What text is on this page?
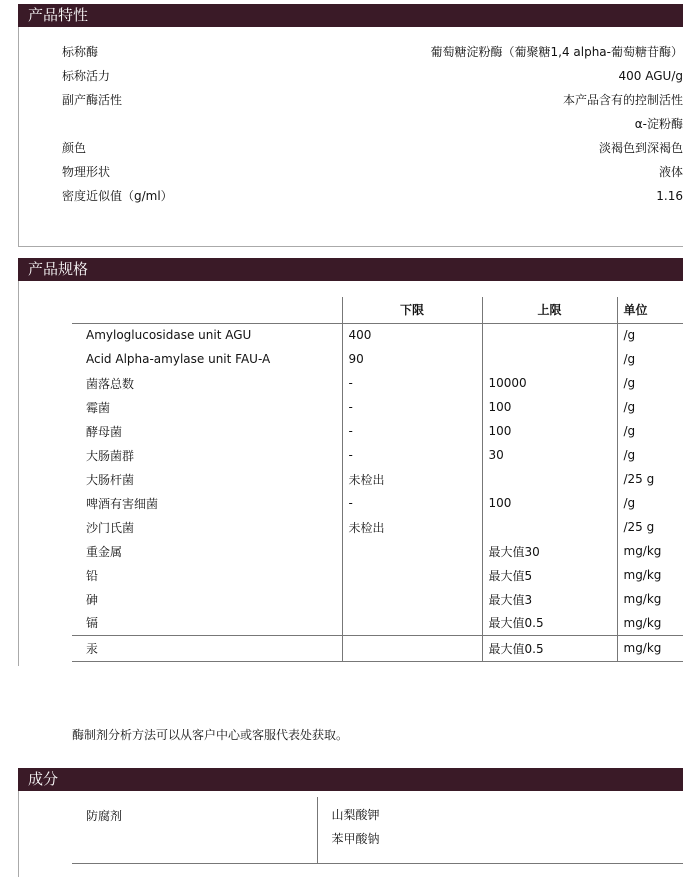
产品特性
标称酶	葡萄糖淀粉酶（葡聚糖1,4 alpha-葡萄糖苷酶）
标称活力	400 AGU/g
副产酶活性	本产品含有的控制活性
α-淀粉酶
颜色	淡褐色到深褐色
物理形状	液体
密度近似值（g/ml）	1.16
产品规格
	下限	上限	单位
Amyloglucosidase unit AGU	400		/g
Acid Alpha-amylase unit FAU-A	90		/g
菌落总数	-	10000	/g
霉菌	-	100	/g
酵母菌	-	100	/g
大肠菌群	-	30	/g
大肠杆菌	未检出		/25 g
啤酒有害细菌	-	100	/g
沙门氏菌	未检出		/25 g
重金属		最大值30	mg/kg
铅		最大值5	mg/kg
砷		最大值3	mg/kg
镉		最大值0.5	mg/kg
汞		最大值0.5	mg/kg
酶制剂分析方法可以从客户中心或客服代表处获取。
成分
防腐剂	山梨酸钾
苯甲酸钠
